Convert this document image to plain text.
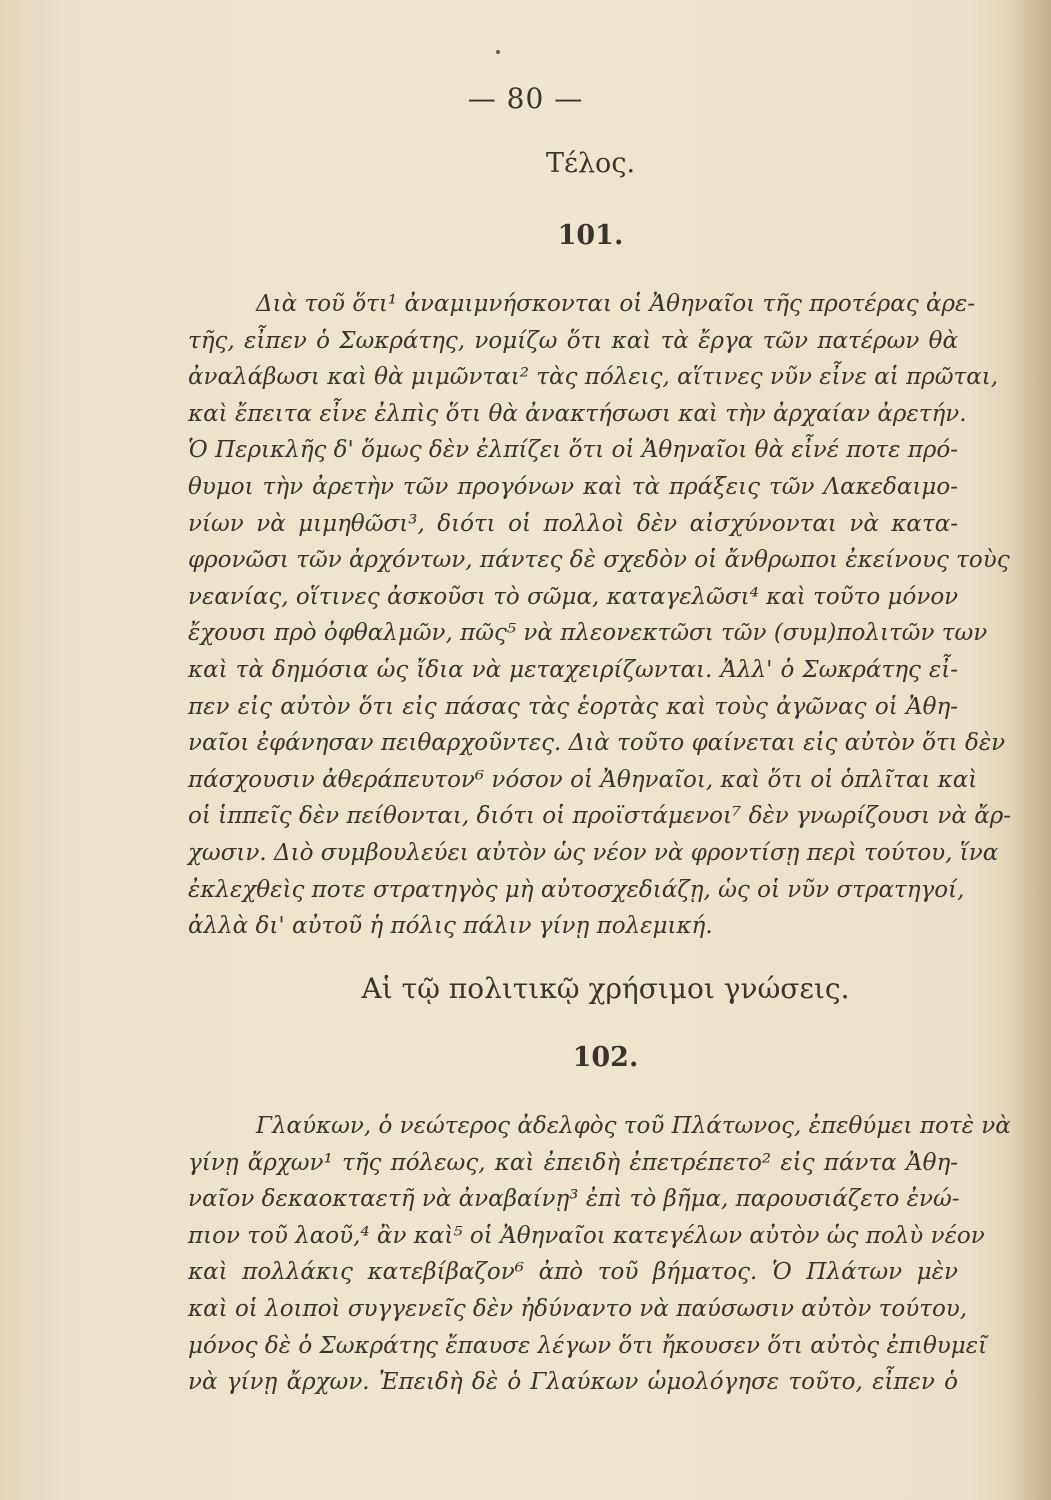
— 80 —
Τέλος.
101.
Διὰ τοῦ ὅτι¹ ἀναμιμνήσκονται οἱ Ἀθηναῖοι τῆς προτέρας ἀρε-
τῆς, εἶπεν ὁ Σωκράτης, νομίζω ὅτι καὶ τὰ ἔργα τῶν πατέρων θὰ
ἀναλάβωσι καὶ θὰ μιμῶνται² τὰς πόλεις, αἵτινες νῦν εἶνε αἱ πρῶται,
καὶ ἔπειτα εἶνε ἐλπὶς ὅτι θὰ ἀνακτήσωσι καὶ τὴν ἀρχαίαν ἀρετήν.
Ὁ Περικλῆς δ' ὅμως δὲν ἐλπίζει ὅτι οἱ Ἀθηναῖοι θὰ εἶνέ ποτε πρό-
θυμοι τὴν ἀρετὴν τῶν προγόνων καὶ τὰ πράξεις τῶν Λακεδαιμο-
νίων νὰ μιμηθῶσι³, διότι οἱ πολλοὶ δὲν αἰσχύνονται νὰ κατα-
φρονῶσι τῶν ἀρχόντων, πάντες δὲ σχεδὸν οἱ ἄνθρωποι ἐκείνους τοὺς
νεανίας, οἵτινες ἀσκοῦσι τὸ σῶμα, καταγελῶσι⁴ καὶ τοῦτο μόνον
ἔχουσι πρὸ ὀφθαλμῶν, πῶς⁵ νὰ πλεονεκτῶσι τῶν (συμ)πολιτῶν των
καὶ τὰ δημόσια ὡς ἴδια νὰ μεταχειρίζωνται. Ἀλλ' ὁ Σωκράτης εἶ-
πεν εἰς αὐτὸν ὅτι εἰς πάσας τὰς ἑορτὰς καὶ τοὺς ἀγῶνας οἱ Ἀθη-
ναῖοι ἐφάνησαν πειθαρχοῦντες. Διὰ τοῦτο φαίνεται εἰς αὐτὸν ὅτι δὲν
πάσχουσιν ἀθεράπευτον⁶ νόσον οἱ Ἀθηναῖοι, καὶ ὅτι οἱ ὁπλῖται καὶ
οἱ ἱππεῖς δὲν πείθονται, διότι οἱ προϊστάμενοι⁷ δὲν γνωρίζουσι νὰ ἄρ-
χωσιν. Διὸ συμβουλεύει αὐτὸν ὡς νέον νὰ φροντίσῃ περὶ τούτου, ἵνα
ἐκλεχθεὶς ποτε στρατηγὸς μὴ αὐτοσχεδιάζῃ, ὡς οἱ νῦν στρατηγοί,
ἀλλὰ δι' αὐτοῦ ἡ πόλις πάλιν γίνῃ πολεμική.
Αἱ τῷ πολιτικῷ χρήσιμοι γνώσεις.
102.
Γλαύκων, ὁ νεώτερος ἀδελφὸς τοῦ Πλάτωνος, ἐπεθύμει ποτὲ νὰ
γίνῃ ἄρχων¹ τῆς πόλεως, καὶ ἐπειδὴ ἐπετρέπετο² εἰς πάντα Ἀθη-
ναῖον δεκαοκταετῆ νὰ ἀναβαίνῃ³ ἐπὶ τὸ βῆμα, παρουσιάζετο ἐνώ-
πιον τοῦ λαοῦ,⁴ ἂν καὶ⁵ οἱ Ἀθηναῖοι κατεγέλων αὐτὸν ὡς πολὺ νέον
καὶ πολλάκις κατεβίβαζον⁶ ἀπὸ τοῦ βήματος. Ὁ Πλάτων μὲν
καὶ οἱ λοιποὶ συγγενεῖς δὲν ἠδύναντο νὰ παύσωσιν αὐτὸν τούτου,
μόνος δὲ ὁ Σωκράτης ἔπαυσε λέγων ὅτι ἤκουσεν ὅτι αὐτὸς ἐπιθυμεῖ
νὰ γίνῃ ἄρχων. Ἐπειδὴ δὲ ὁ Γλαύκων ὡμολόγησε τοῦτο, εἶπεν ὁ
